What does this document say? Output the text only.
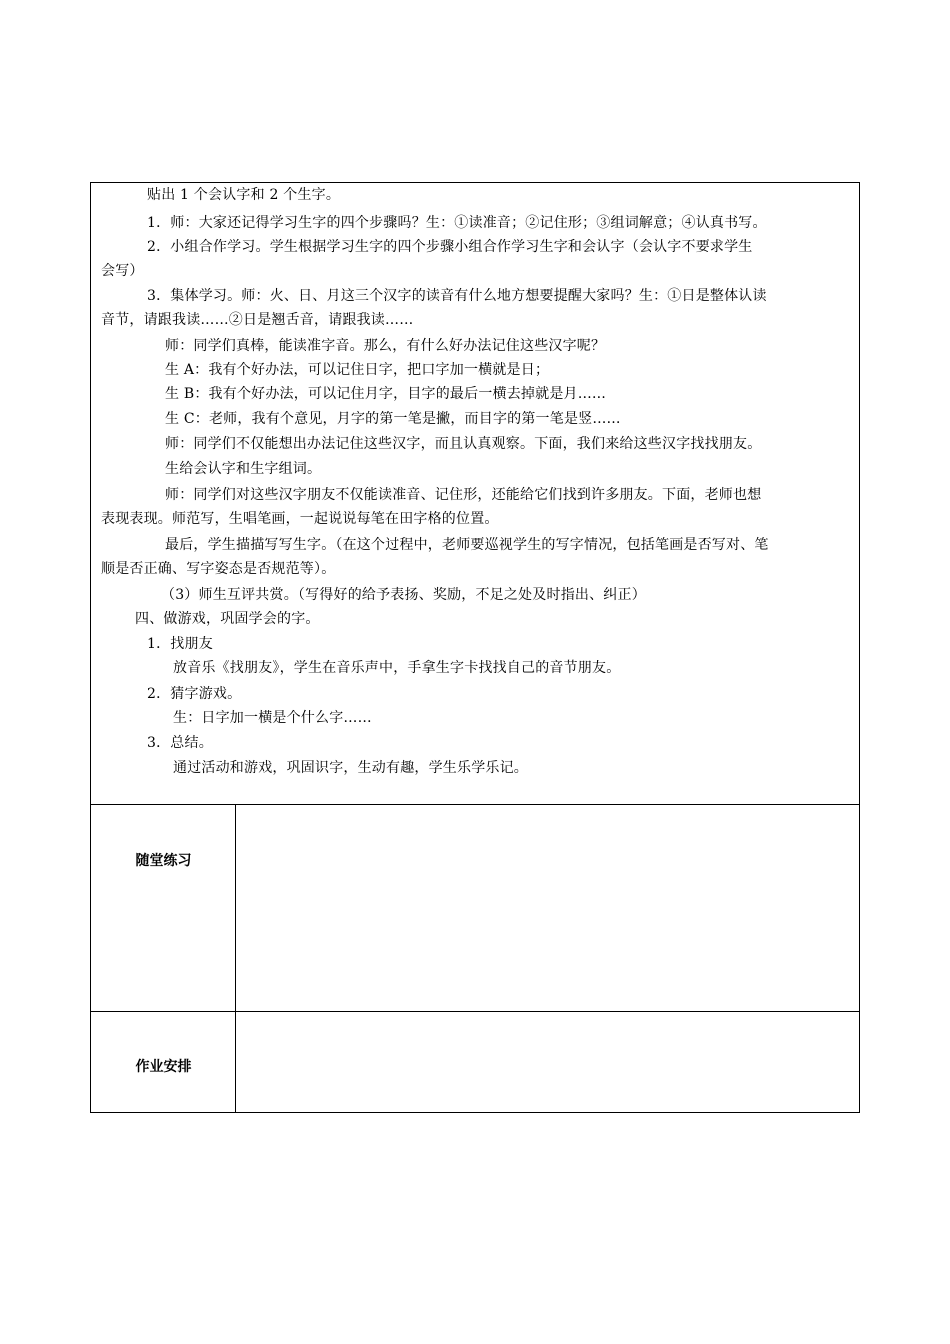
贴出 1 个会认字和 2 个生字。
1．师：大家还记得学习生字的四个步骤吗？生：①读准音；②记住形；③组词解意；④认真书写。
2．小组合作学习。学生根据学习生字的四个步骤小组合作学习生字和会认字（会认字不要求学生
会写）
3．集体学习。师：火、日、月这三个汉字的读音有什么地方想要提醒大家吗？生：①日是整体认读
音节，请跟我读……②日是翘舌音，请跟我读……
师：同学们真棒，能读准字音。那么，有什么好办法记住这些汉字呢？
生 A：我有个好办法，可以记住日字，把口字加一横就是日；
生 B：我有个好办法，可以记住月字，目字的最后一横去掉就是月……
生 C：老师，我有个意见，月字的第一笔是撇，而目字的第一笔是竖……
师：同学们不仅能想出办法记住这些汉字，而且认真观察。下面，我们来给这些汉字找找朋友。
生给会认字和生字组词。
师：同学们对这些汉字朋友不仅能读准音、记住形，还能给它们找到许多朋友。下面，老师也想
表现表现。师范写，生唱笔画，一起说说每笔在田字格的位置。
最后，学生描描写写生字。（在这个过程中，老师要巡视学生的写字情况，包括笔画是否写对、笔
顺是否正确、写字姿态是否规范等）。
（3）师生互评共赏。（写得好的给予表扬、奖励，不足之处及时指出、纠正）
四、做游戏，巩固学会的字。
1．找朋友
放音乐《找朋友》，学生在音乐声中，手拿生字卡找找自己的音节朋友。
2．猜字游戏。
生：日字加一横是个什么字……
3．总结。
通过活动和游戏，巩固识字，生动有趣，学生乐学乐记。
随堂练习
作业安排
